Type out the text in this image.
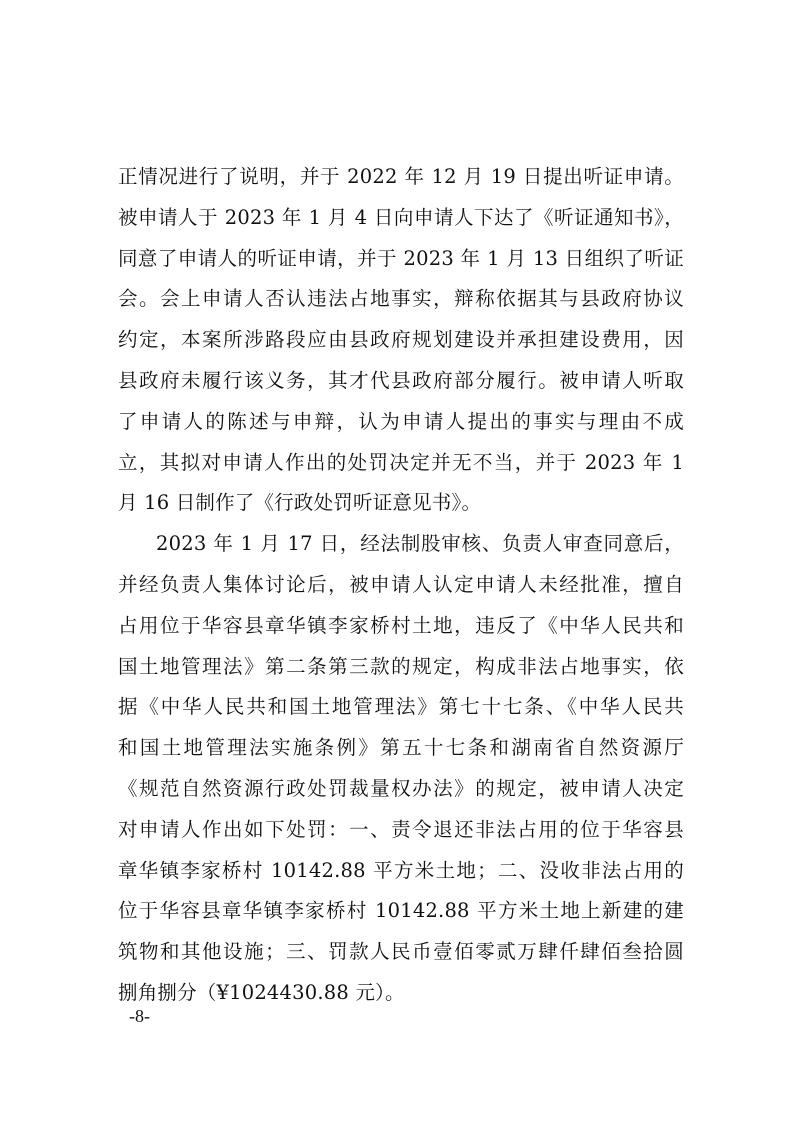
正情况进行了说明，并于 2022 年 12 月 19 日提出听证申请。
被申请人于 2023 年 1 月 4 日向申请人下达了《听证通知书》，
同意了申请人的听证申请，并于 2023 年 1 月 13 日组织了听证
会。会上申请人否认违法占地事实，辩称依据其与县政府协议
约定，本案所涉路段应由县政府规划建设并承担建设费用，因
县政府未履行该义务，其才代县政府部分履行。被申请人听取
了申请人的陈述与申辩，认为申请人提出的事实与理由不成
立，其拟对申请人作出的处罚决定并无不当，并于 2023 年 1
月 16 日制作了《行政处罚听证意见书》。
2023 年 1 月 17 日，经法制股审核、负责人审查同意后，
并经负责人集体讨论后，被申请人认定申请人未经批准，擅自
占用位于华容县章华镇李家桥村土地，违反了《中华人民共和
国土地管理法》第二条第三款的规定，构成非法占地事实，依
据《中华人民共和国土地管理法》第七十七条、《中华人民共
和国土地管理法实施条例》第五十七条和湖南省自然资源厅
《规范自然资源行政处罚裁量权办法》的规定，被申请人决定
对申请人作出如下处罚：一、责令退还非法占用的位于华容县
章华镇李家桥村 10142.88 平方米土地；二、没收非法占用的
位于华容县章华镇李家桥村 10142.88 平方米土地上新建的建
筑物和其他设施；三、罚款人民币壹佰零贰万肆仟肆佰叁拾圆
捌角捌分（¥1024430.88 元）。
-8-
